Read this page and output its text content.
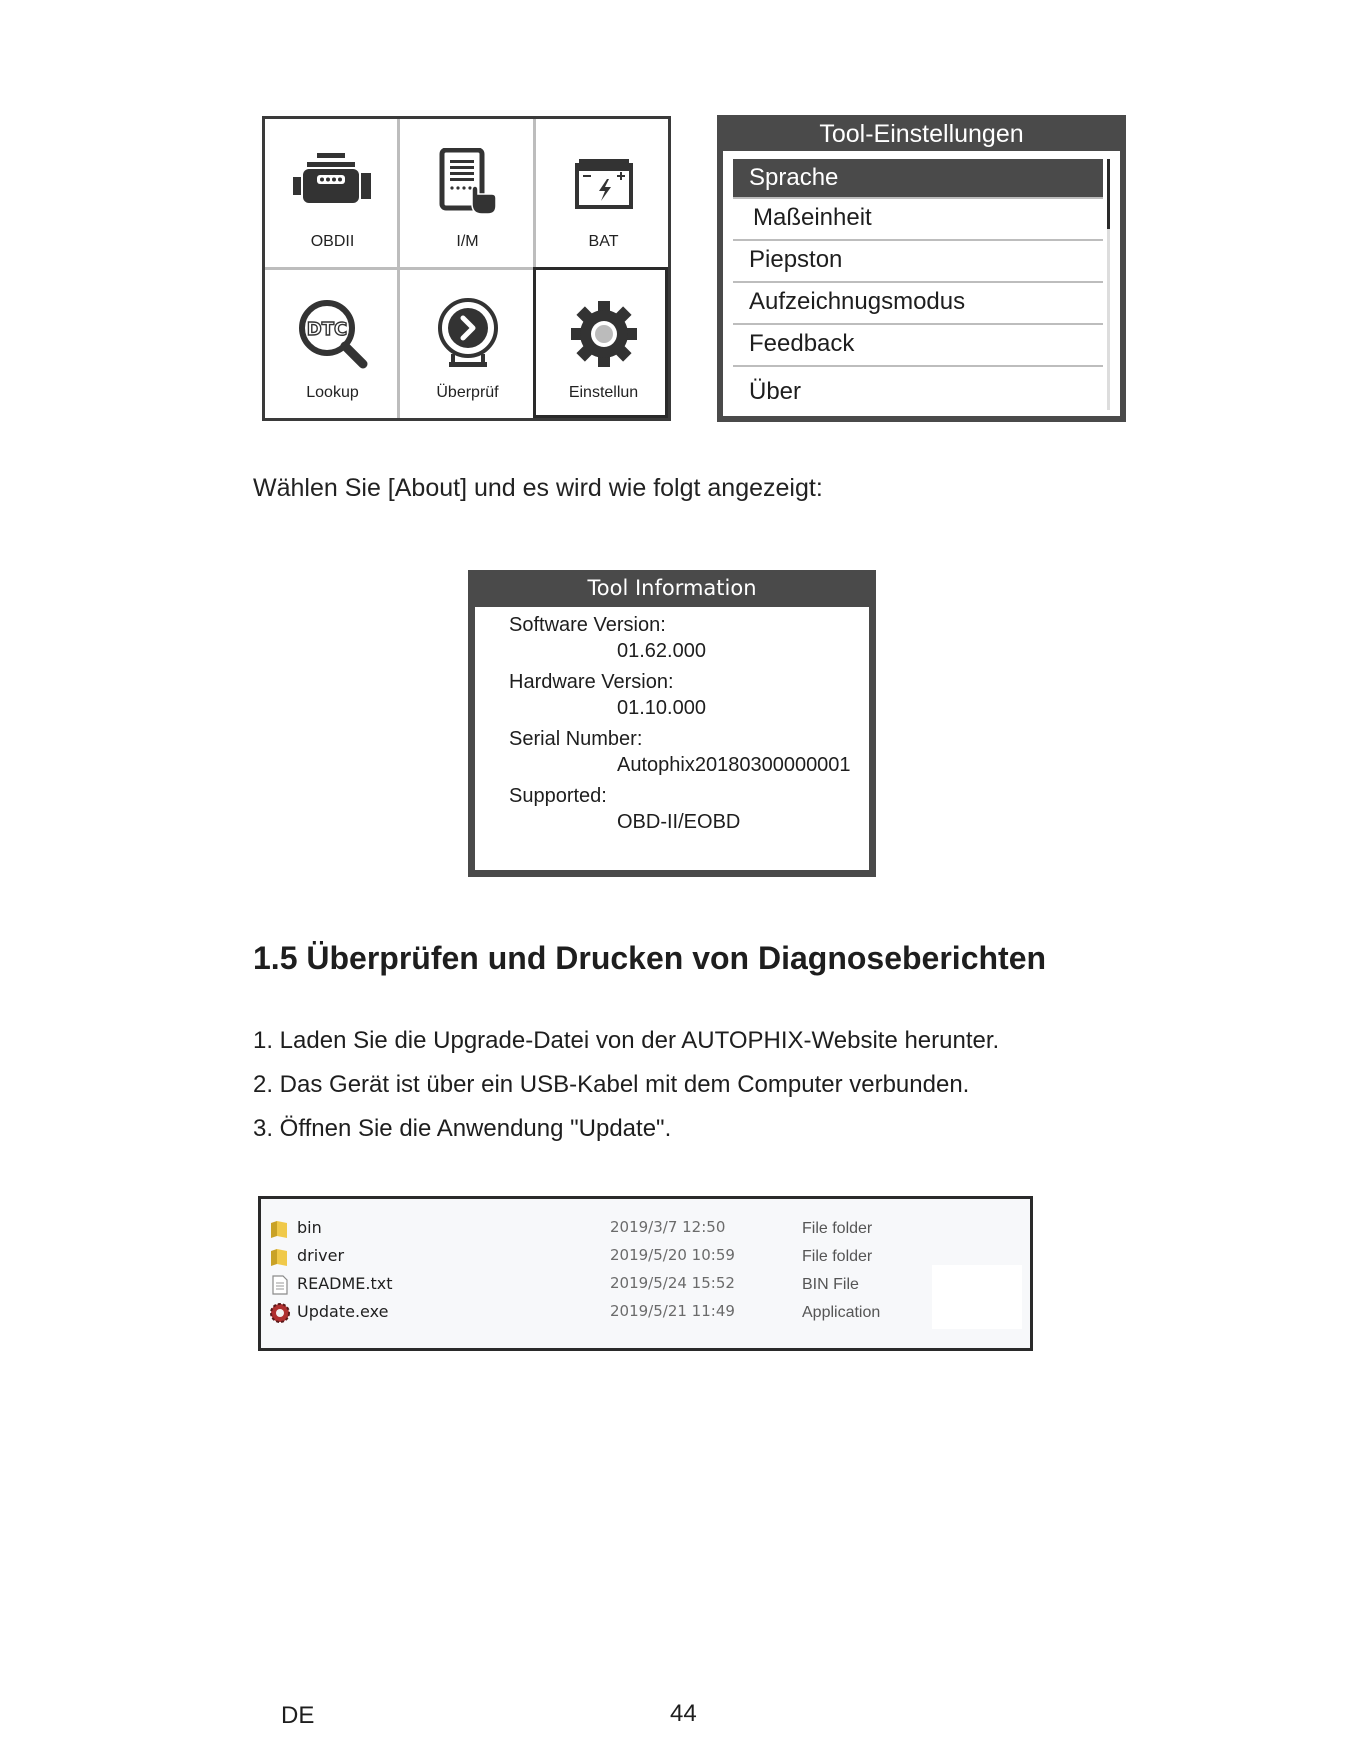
OBDII	I/M	BAT
DTC
Lookup	Überprüf	Einstellun
Tool-Einstellungen
Sprache
Maßeinheit
Piepston
Aufzeichnugsmodus
Feedback
Über
Wählen Sie [About] und es wird wie folgt angezeigt:
Tool Information
Software Version:
01.62.000
Hardware Version:
01.10.000
Serial Number:
Autophix20180300000001
Supported:
OBD-II/EOBD
1.5 Überprüfen und Drucken von Diagnoseberichten
1. Laden Sie die Upgrade-Datei von der AUTOPHIX-Website herunter.
2. Das Gerät ist über ein USB-Kabel mit dem Computer verbunden.
3. Öffnen Sie die Anwendung "Update".
bin	2019/3/7 12:50	File folder
driver	2019/5/20 10:59	File folder
README.txt	2019/5/24 15:52	BIN File
Update.exe	2019/5/21 11:49	Application
DE	44
